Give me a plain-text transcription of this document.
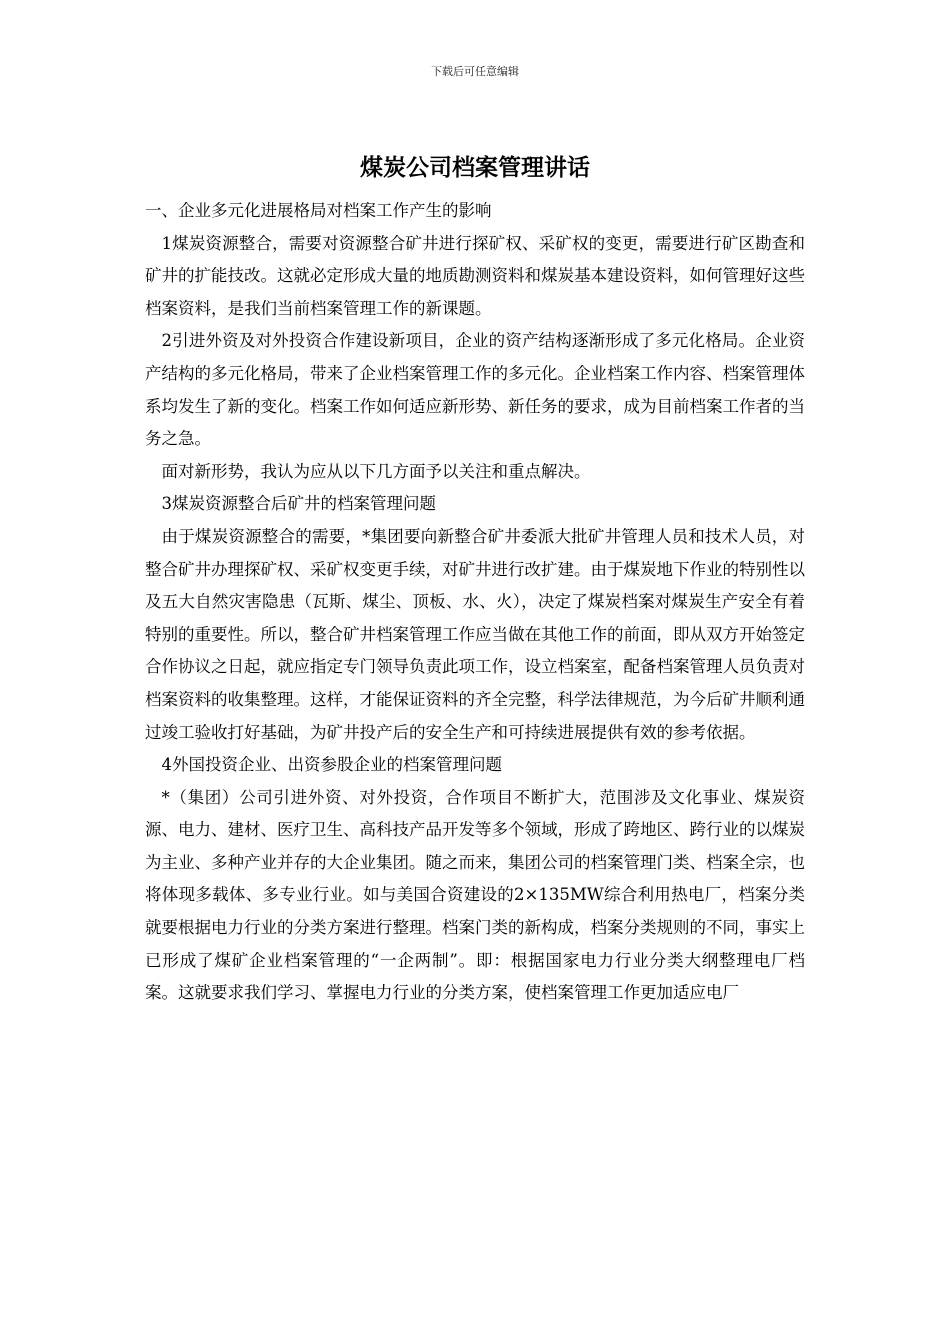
下载后可任意编辑
煤炭公司档案管理讲话

一、企业多元化进展格局对档案工作产生的影响

1煤炭资源整合，需要对资源整合矿井进行探矿权、采矿权的变更，需要进行矿区勘查和矿井的扩能技改。这就必定形成大量的地质勘测资料和煤炭基本建设资料，如何管理好这些档案资料，是我们当前档案管理工作的新课题。

2引进外资及对外投资合作建设新项目，企业的资产结构逐渐形成了多元化格局。企业资产结构的多元化格局，带来了企业档案管理工作的多元化。企业档案工作内容、档案管理体系均发生了新的变化。档案工作如何适应新形势、新任务的要求，成为目前档案工作者的当务之急。

面对新形势，我认为应从以下几方面予以关注和重点解决。

3煤炭资源整合后矿井的档案管理问题

由于煤炭资源整合的需要，*集团要向新整合矿井委派大批矿井管理人员和技术人员，对整合矿井办理探矿权、采矿权变更手续，对矿井进行改扩建。由于煤炭地下作业的特别性以及五大自然灾害隐患（瓦斯、煤尘、顶板、水、火），决定了煤炭档案对煤炭生产安全有着特别的重要性。所以，整合矿井档案管理工作应当做在其他工作的前面，即从双方开始签定合作协议之日起，就应指定专门领导负责此项工作，设立档案室，配备档案管理人员负责对档案资料的收集整理。这样，才能保证资料的齐全完整，科学法律规范，为今后矿井顺利通过竣工验收打好基础，为矿井投产后的安全生产和可持续进展提供有效的参考依据。

4外国投资企业、出资参股企业的档案管理问题

*（集团）公司引进外资、对外投资，合作项目不断扩大，范围涉及文化事业、煤炭资源、电力、建材、医疗卫生、高科技产品开发等多个领域，形成了跨地区、跨行业的以煤炭为主业、多种产业并存的大企业集团。随之而来，集团公司的档案管理门类、档案全宗，也将体现多载体、多专业行业。如与美国合资建设的2×135MW综合利用热电厂，档案分类就要根据电力行业的分类方案进行整理。档案门类的新构成，档案分类规则的不同，事实上已形成了煤矿企业档案管理的“一企两制”。即：根据国家电力行业分类大纲整理电厂档案。这就要求我们学习、掌握电力行业的分类方案，使档案管理工作更加适应电厂
